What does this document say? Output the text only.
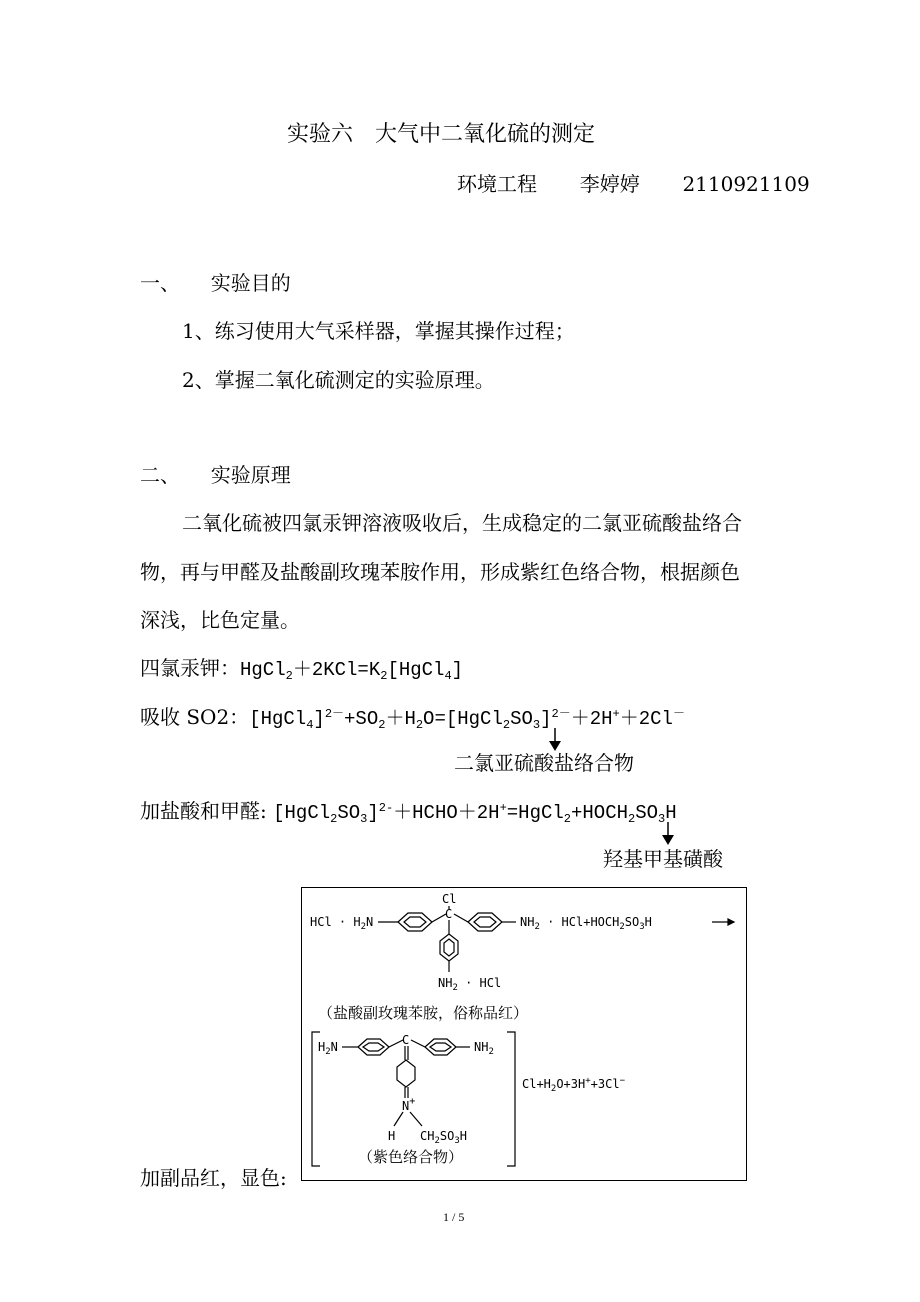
实验六　大气中二氧化硫的测定
环境工程 李婷婷 2110921109
一、 实验目的
1、练习使用大气采样器，掌握其操作过程；
2、掌握二氧化硫测定的实验原理。
二、 实验原理
二氧化硫被四氯汞钾溶液吸收后，生成稳定的二氯亚硫酸盐络合
物，再与甲醛及盐酸副玫瑰苯胺作用，形成紫红色络合物，根据颜色
深浅，比色定量。
四氯汞钾：$HgCl_2+2KCl=K_2[HgCl_4]$
吸收 SO2：$[HgCl_4]^{2-}+SO_2+H_2O=[HgCl_2SO_3]^{2-}+2H^++2Cl^-$
二氯亚硫酸盐络合物
加盐酸和甲醛: $[HgCl_2SO_3]^{2-}+HCHO+2H^+=HgCl_2+HOCH_2SO_3H$
羟基甲基磺酸
加副品红，显色:
HCl · $H_2N$
C
Cl
$NH_2$ · $HCl+HOCH_2SO_3H$
$NH_2$ · HCl
（盐酸副玫瑰苯胺，俗称品红）
$H_2N$	C	$NH_2$
N+
H $CH_2SO_3H$
（紫色络合物）
$Cl+H_2O+3H^++3Cl^-$
1 / 5
